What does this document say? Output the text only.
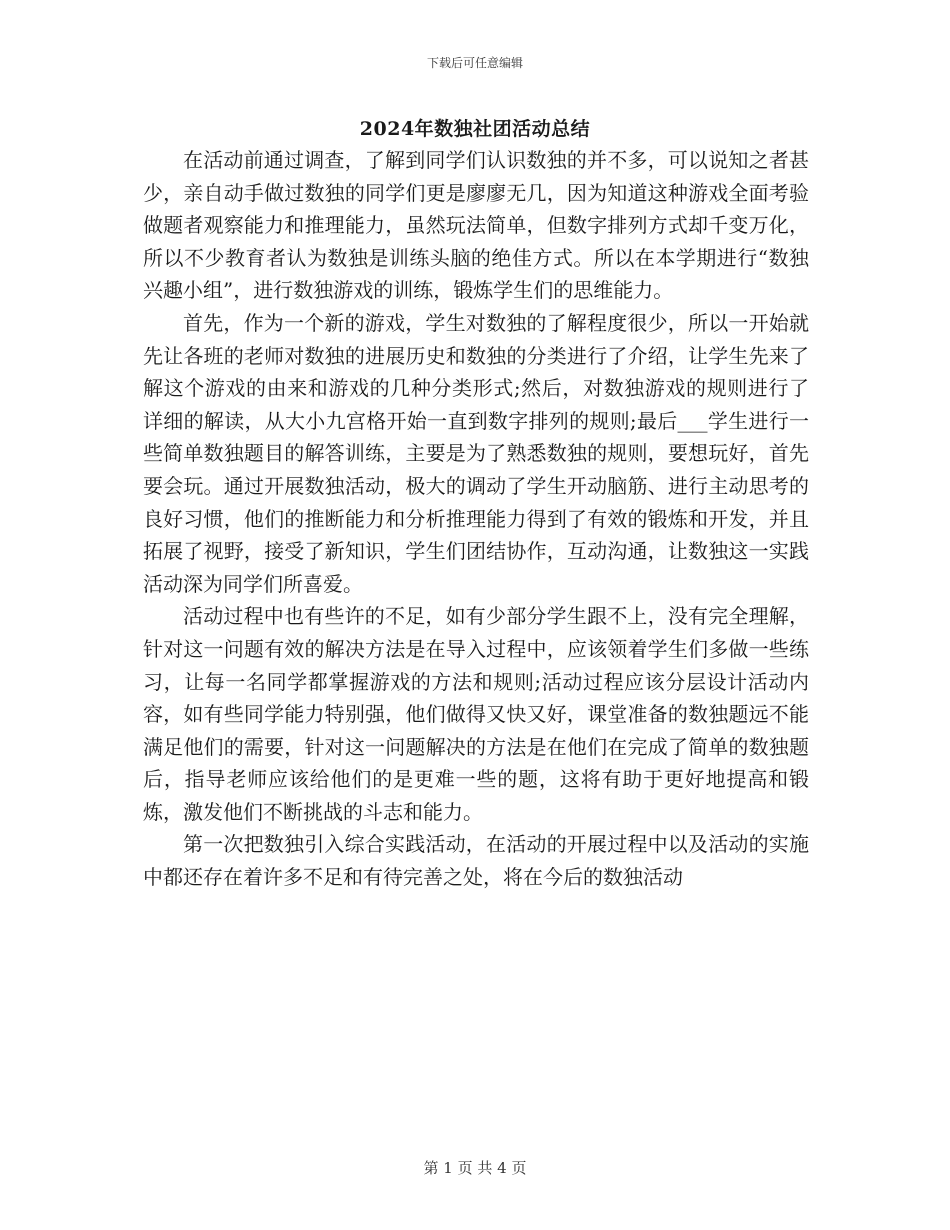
下载后可任意编辑
2024年数独社团活动总结

在活动前通过调查，了解到同学们认识数独的并不多，可以说知之者甚少，亲自动手做过数独的同学们更是廖廖无几，因为知道这种游戏全面考验做题者观察能力和推理能力，虽然玩法简单，但数字排列方式却千变万化，所以不少教育者认为数独是训练头脑的绝佳方式。所以在本学期进行“数独兴趣小组”，进行数独游戏的训练，锻炼学生们的思维能力。

首先，作为一个新的游戏，学生对数独的了解程度很少，所以一开始就先让各班的老师对数独的进展历史和数独的分类进行了介绍，让学生先来了解这个游戏的由来和游戏的几种分类形式;然后，对数独游戏的规则进行了详细的解读，从大小九宫格开始一直到数字排列的规则;最后___学生进行一些简单数独题目的解答训练，主要是为了熟悉数独的规则，要想玩好，首先要会玩。通过开展数独活动，极大的调动了学生开动脑筋、进行主动思考的良好习惯，他们的推断能力和分析推理能力得到了有效的锻炼和开发，并且拓展了视野，接受了新知识，学生们团结协作，互动沟通，让数独这一实践活动深为同学们所喜爱。

活动过程中也有些许的不足，如有少部分学生跟不上，没有完全理解，针对这一问题有效的解决方法是在导入过程中，应该领着学生们多做一些练习，让每一名同学都掌握游戏的方法和规则;活动过程应该分层设计活动内容，如有些同学能力特别强，他们做得又快又好，课堂准备的数独题远不能满足他们的需要，针对这一问题解决的方法是在他们在完成了简单的数独题后，指导老师应该给他们的是更难一些的题，这将有助于更好地提高和锻炼，激发他们不断挑战的斗志和能力。

第一次把数独引入综合实践活动，在活动的开展过程中以及活动的实施中都还存在着许多不足和有待完善之处，将在今后的数独活动

第 1 页 共 4 页
